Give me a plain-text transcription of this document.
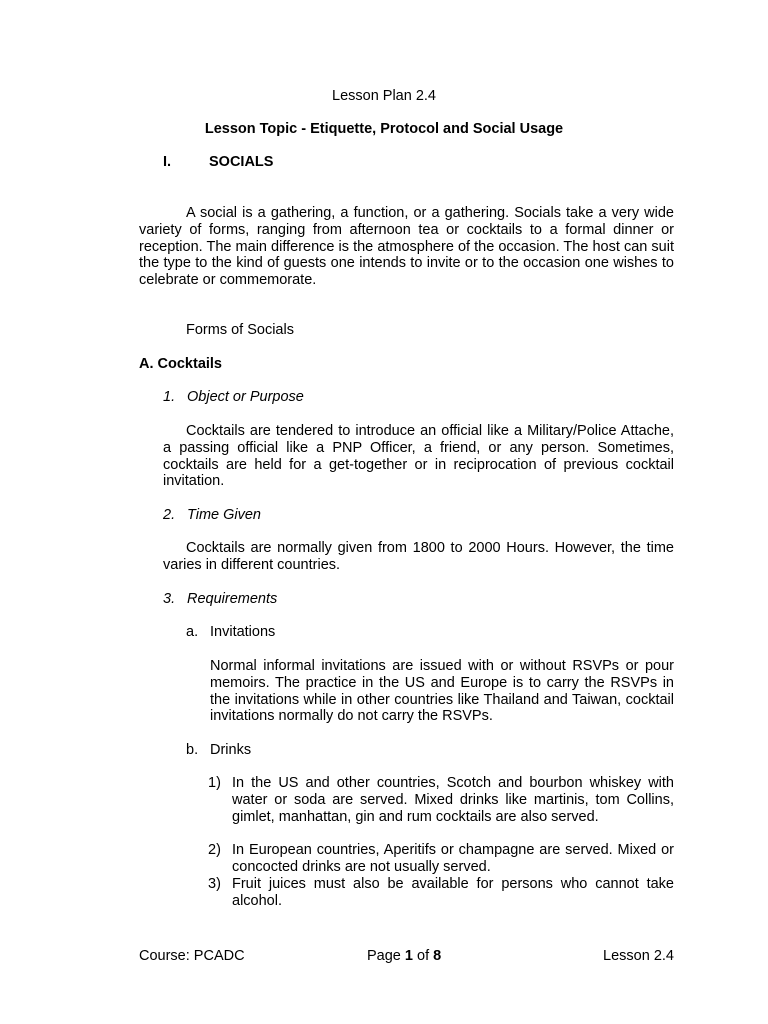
Lesson Plan 2.4
Lesson Topic - Etiquette, Protocol and Social Usage
I.	SOCIALS
A social is a gathering, a function, or a gathering. Socials take a very wide variety of forms, ranging from afternoon tea or cocktails to a formal dinner or reception. The main difference is the atmosphere of the occasion. The host can suit the type to the kind of guests one intends to invite or to the occasion one wishes to celebrate or commemorate.
Forms of Socials
A. Cocktails
1. Object or Purpose
Cocktails are tendered to introduce an official like a Military/Police Attache, a passing official like a PNP Officer, a friend, or any person. Sometimes, cocktails are held for a get-together or in reciprocation of previous cocktail invitation.
2. Time Given
Cocktails are normally given from 1800 to 2000 Hours. However, the time varies in different countries.
3. Requirements
a. Invitations
Normal informal invitations are issued with or without RSVPs or pour memoirs. The practice in the US and Europe is to carry the RSVPs in the invitations while in other countries like Thailand and Taiwan, cocktail invitations normally do not carry the RSVPs.
b. Drinks
1) In the US and other countries, Scotch and bourbon whiskey with water or soda are served. Mixed drinks like martinis, tom Collins, gimlet, manhattan, gin and rum cocktails are also served.
2) In European countries, Aperitifs or champagne are served. Mixed or concocted drinks are not usually served.
3) Fruit juices must also be available for persons who cannot take alcohol.
Course: PCADC	Page 1 of 8	Lesson 2.4
